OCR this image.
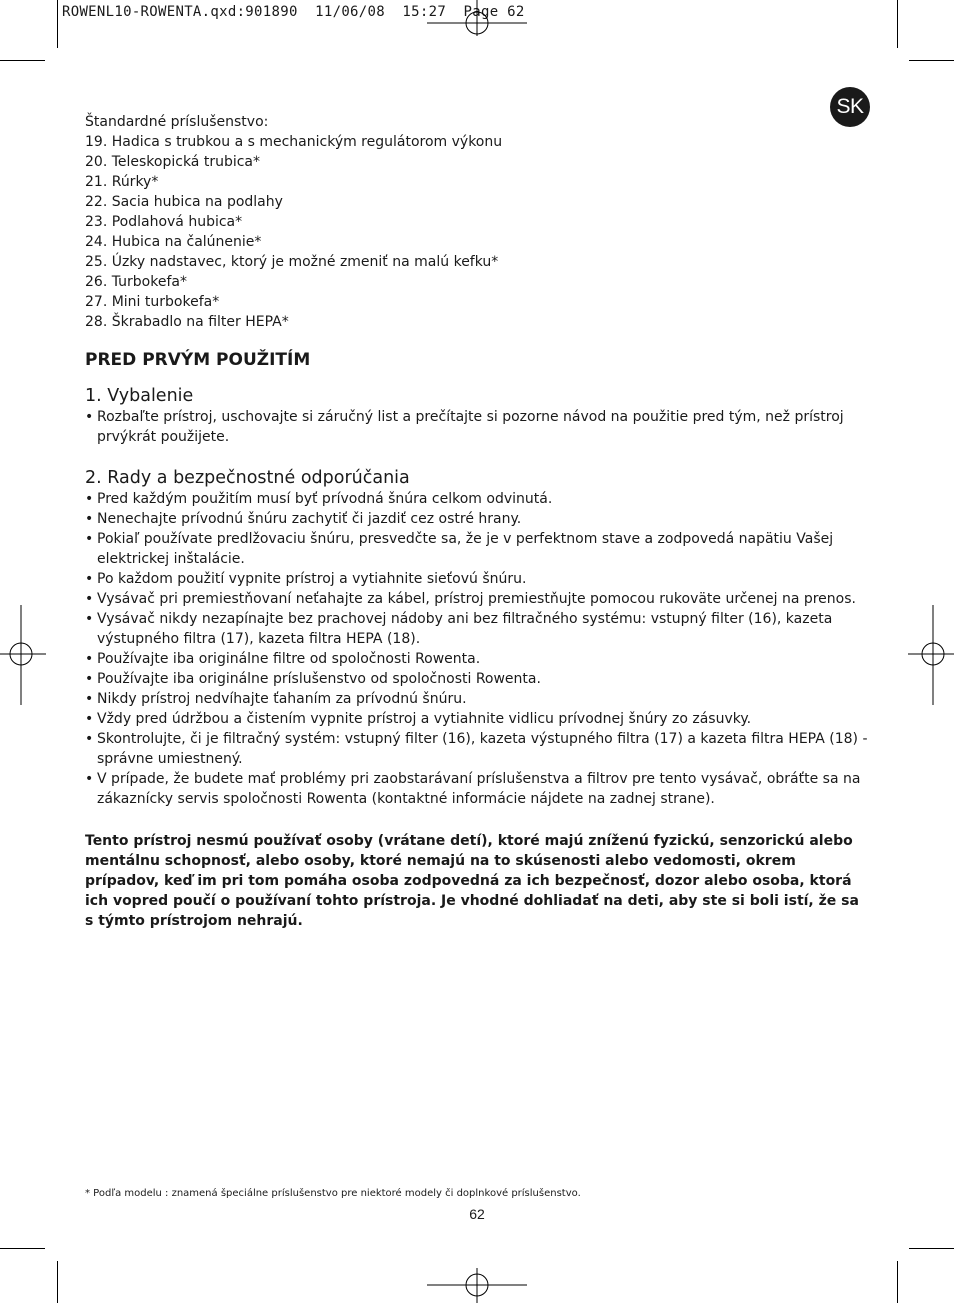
ROWENL10-ROWENTA.qxd:901890  11/06/08  15:27  Page 62
SK

Štandardné príslušenstvo:

19. Hadica s trubkou a s mechanickým regulátorom výkonu

20. Teleskopická trubica*

21. Rúrky*

22. Sacia hubica na podlahy

23. Podlahová hubica*

24. Hubica na čalúnenie*

25. Úzky nadstavec, ktorý je možné zmeniť na malú kefku*

26. Turbokefa*

27. Mini turbokefa*

28. Škrabadlo na filter HEPA*

PRED PRVÝM POUŽITÍM
1. Vybalenie
• Rozbaľte prístroj, uschovajte si záručný list a prečítajte si pozorne návod na použitie pred tým, než prístroj prvýkrát použijete.
2. Rady a bezpečnostné odporúčania
• Pred každým použitím musí byť prívodná šnúra celkom odvinutá.
• Nenechajte prívodnú šnúru zachytiť či jazdiť cez ostré hrany.
• Pokiaľ používate predlžovaciu šnúru, presvedčte sa, že je v perfektnom stave a zodpovedá napätiu Vašej elektrickej inštalácie.
• Po každom použití vypnite prístroj a vytiahnite sieťovú šnúru.
• Vysávač pri premiestňovaní neťahajte za kábel, prístroj premiestňujte pomocou rukoväte určenej na prenos.
• Vysávač nikdy nezapínajte bez prachovej nádoby ani bez filtračného systému: vstupný filter (16), kazeta výstupného filtra (17), kazeta filtra HEPA (18).
• Používajte iba originálne filtre od spoločnosti Rowenta.
• Používajte iba originálne príslušenstvo od spoločnosti Rowenta.
• Nikdy prístroj nedvíhajte ťahaním za prívodnú šnúru.
• Vždy pred údržbou a čistením vypnite prístroj a vytiahnite vidlicu prívodnej šnúry zo zásuvky.
• Skontrolujte, či je filtračný systém: vstupný filter (16), kazeta výstupného filtra (17) a kazeta filtra HEPA (18) - správne umiestnený.
• V prípade, že budete mať problémy pri zaobstarávaní príslušenstva a filtrov pre tento vysávač, obráťte sa na zákaznícky servis spoločnosti Rowenta (kontaktné informácie nájdete na zadnej strane).

Tento prístroj nesmú používať osoby (vrátane detí), ktoré majú zníženú fyzickú, senzorickú alebo mentálnu schopnosť, alebo osoby, ktoré nemajú na to skúsenosti alebo vedomosti, okrem prípadov, keď im pri tom pomáha osoba zodpovedná za ich bezpečnosť, dozor alebo osoba, ktorá ich vopred poučí o používaní tohto prístroja. Je vhodné dohliadať na deti, aby ste si boli istí, že sa s týmto prístrojom nehrajú.

* Podľa modelu : znamená špeciálne príslušenstvo pre niektoré modely či doplnkové príslušenstvo.
62
